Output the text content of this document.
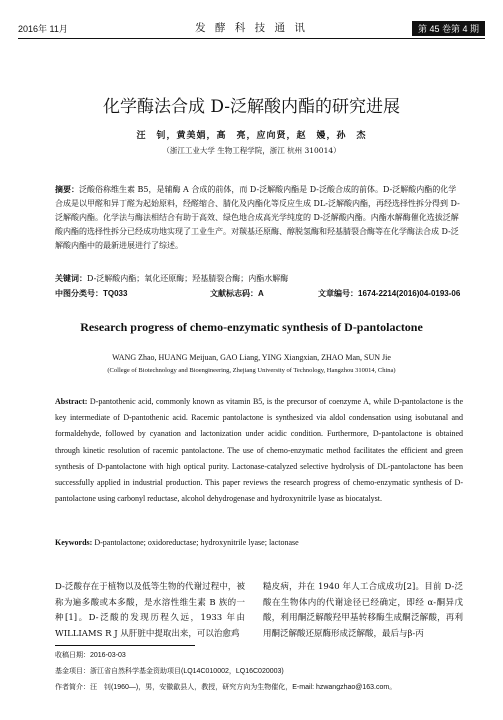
2016年 11月	发 酵 科 技 通 讯	第 45 卷第 4 期
化学酶法合成 D-泛解酸内酯的研究进展
汪　钊，黄美娟，高　亮，应向贤，赵　嫚，孙　杰
（浙江工业大学 生物工程学院，浙江 杭州 310014）
摘要：泛酸俗称维生素 B5，是辅酶 A 合成的前体，而 D-泛解酸内酯是 D-泛酸合成的前体。D-泛解酸内酯的化学合成是以甲醛和异丁醛为起始原料，经醛缩合、腈化及内酯化等反应生成 DL-泛解酸内酯，再经选择性拆分得到 D-泛解酸内酯。化学法与酶法相结合有助于高效、绿色地合成高光学纯度的 D-泛解酸内酯。内酯水解酶催化选拔泛解酸内酯的选择性拆分已经成功地实现了工业生产。对羰基还原酶、醇脱氢酶和羟基腈裂合酶等在化学酶法合成 D-泛解酸内酯中的最新进展进行了综述。
关键词：D-泛解酸内酯；氧化还原酶；羟基腈裂合酶；内酯水解酶
中图分类号：TQ033	文献标志码：A	文章编号：1674-2214(2016)04-0193-06
Research progress of chemo-enzymatic synthesis of D-pantolactone
WANG Zhao, HUANG Meijuan, GAO Liang, YING Xiangxian, ZHAO Man, SUN Jie
(College of Biotechnology and Bioengineering, Zhejiang University of Technology, Hangzhou 310014, China)
Abstract: D-pantothenic acid, commonly known as vitamin B5, is the precursor of coenzyme A, while D-pantolactone is the key intermediate of D-pantothenic acid. Racemic pantolactone is synthesized via aldol condensation using isobutanal and formaldehyde, followed by cyanation and lactonization under acidic condition. Furthermore, D-pantolactone is obtained through kinetic resolution of racemic pantolactone. The use of chemo-enzymatic method facilitates the efficient and green synthesis of D-pantolactone with high optical purity. Lactonase-catalyzed selective hydrolysis of DL-pantolactone has been successfully applied in industrial production. This paper reviews the research progress of chemo-enzymatic synthesis of D-pantolactone using carbonyl reductase, alcohol dehydrogenase and hydroxynitrile lyase as biocatalyst.
Keywords: D-pantolactone; oxidoreductase; hydroxynitrile lyase; lactonase
D-泛酸存在于植物以及低等生物的代谢过程中，被称为遍多酸或本多酸，是水溶性维生素 B 族的一种[1]。D-泛酸的发现历程久远，1933 年由 WILLIAMS R J 从肝脏中提取出来，可以治愈鸡
糙皮病，并在 1940 年人工合成成功[2]。目前 D-泛酸在生物体内的代谢途径已经确定，即经 α-酮异戊酸，利用酮泛解酸羟甲基转移酶生成酮泛解酸，再利用酮泛解酸还原酶形成泛解酸，最后与β-丙
收稿日期：2016-03-03
基金项目：浙江省自然科学基金资助项目(LQ14C010002，LQ16C020003)
作者简介：汪　钊(1960—)，男，安徽歙县人，教授，研究方向为生物催化，E-mail: hzwangzhao@163.com。
